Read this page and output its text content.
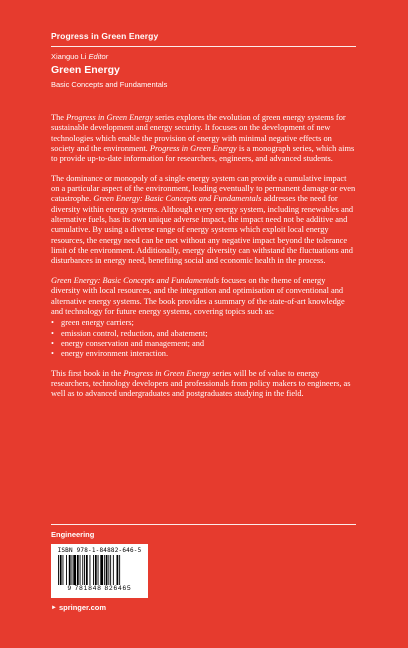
Progress in Green Energy
Xianguo Li Editor
Green Energy
Basic Concepts and Fundamentals

The Progress in Green Energy series explores the evolution of green energy systems for sustainable development and energy security. It focuses on the development of new technologies which enable the provision of energy with minimal negative effects on society and the environment. Progress in Green Energy is a monograph series, which aims to provide up-to-date information for researchers, engineers, and advanced students.

The dominance or monopoly of a single energy system can provide a cumulative impact on a particular aspect of the environment, leading eventually to permanent damage or even catastrophe. Green Energy: Basic Concepts and Fundamentals addresses the need for diversity within energy systems. Although every energy system, including renewables and alternative fuels, has its own unique adverse impact, the impact need not be additive and cumulative. By using a diverse range of energy systems which exploit local energy resources, the energy need can be met without any negative impact beyond the tolerance limit of the environment. Additionally, energy diversity can withstand the fluctuations and disturbances in energy need, benefiting social and economic health in the process.

Green Energy: Basic Concepts and Fundamentals focuses on the theme of energy diversity with local resources, and the integration and optimisation of conventional and alternative energy systems. The book provides a summary of the state-of-art knowledge and technology for future energy systems, covering topics such as:

• green energy carriers;
• emission control, reduction, and abatement;
• energy conservation and management; and
• energy environment interaction.

This first book in the Progress in Green Energy series will be of value to energy researchers, technology developers and professionals from policy makers to engineers, as well as to advanced undergraduates and postgraduates studying in the field.

Engineering
ISBN 978-1-84882-646-5
9 781848 826465
► springer.com
